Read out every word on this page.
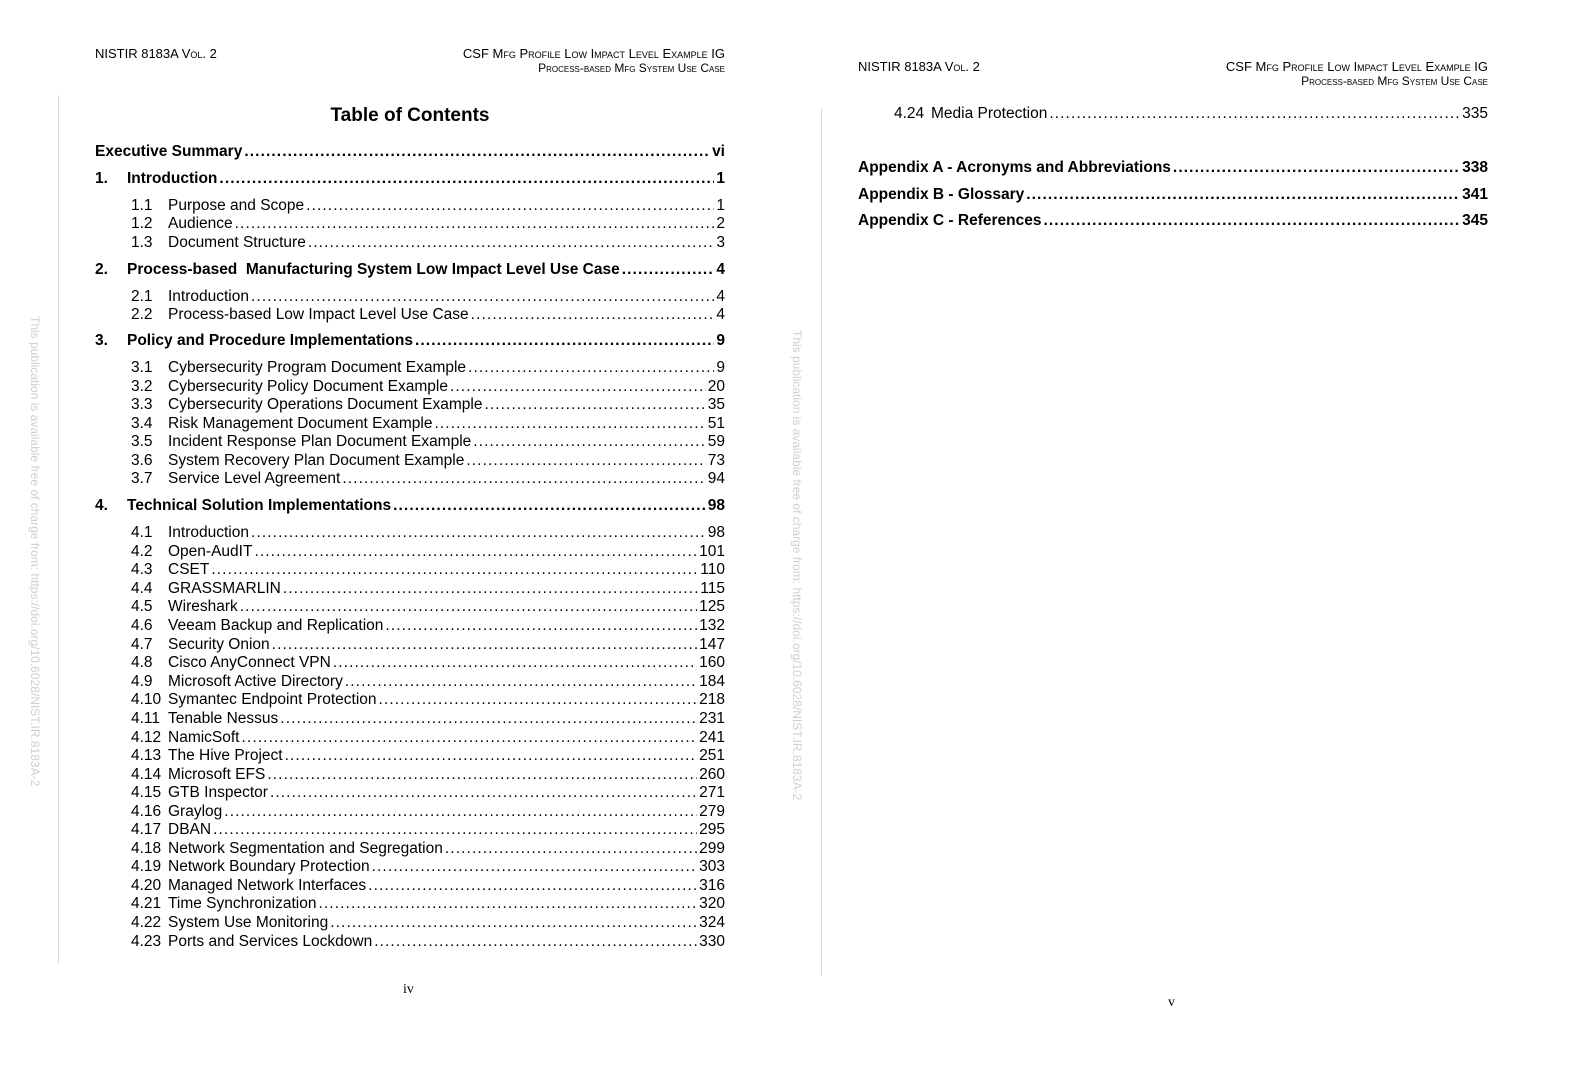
NISTIR 8183A Vol. 2	CSF Mfg Profile Low Impact Level Example IG
Process-based Mfg System Use Case
This publication is available free of charge from: https://doi.org/10.6028/NIST.IR.8183A-2
Table of Contents
Executive Summary . . .	vi
1.	Introduction . . .	1
1.1 Purpose and Scope . . .	1
1.2 Audience . . .	2
1.3 Document Structure . . .	3
2.	Process-based  Manufacturing System Low Impact Level Use Case . . .	4
2.1 Introduction . . .	4
2.2 Process-based Low Impact Level Use Case . . .	4
3.	Policy and Procedure Implementations . . .	9
3.1 Cybersecurity Program Document Example . . .	9
3.2 Cybersecurity Policy Document Example . . .	20
3.3 Cybersecurity Operations Document Example . . .	35
3.4 Risk Management Document Example . . .	51
3.5 Incident Response Plan Document Example . . .	59
3.6 System Recovery Plan Document Example . . .	73
3.7 Service Level Agreement . . .	94
4.	Technical Solution Implementations . . .	98
4.1 Introduction . . .	98
4.2 Open-AudIT . . .	101
4.3 CSET . . .	110
4.4 GRASSMARLIN . . .	115
4.5 Wireshark . . .	125
4.6 Veeam Backup and Replication . . .	132
4.7 Security Onion . . .	147
4.8 Cisco AnyConnect VPN . . .	160
4.9 Microsoft Active Directory . . .	184
4.10 Symantec Endpoint Protection . . .	218
4.11 Tenable Nessus . . .	231
4.12 NamicSoft . . .	241
4.13 The Hive Project . . .	251
4.14 Microsoft EFS . . .	260
4.15 GTB Inspector . . .	271
4.16 Graylog . . .	279
4.17 DBAN . . .	295
4.18 Network Segmentation and Segregation . . .	299
4.19 Network Boundary Protection . . .	303
4.20 Managed Network Interfaces . . .	316
4.21 Time Synchronization . . .	320
4.22 System Use Monitoring . . .	324
4.23 Ports and Services Lockdown . . .	330
iv
This publication is available free of charge from: https://doi.org/10.6028/NIST.IR.8183A-2
NISTIR 8183A Vol. 2	CSF Mfg Profile Low Impact Level Example IG
Process-based Mfg System Use Case
4.24 Media Protection . . .	335
Appendix A - Acronyms and Abbreviations . . .	338
Appendix B - Glossary . . .	341
Appendix C - References . . .	345
v
